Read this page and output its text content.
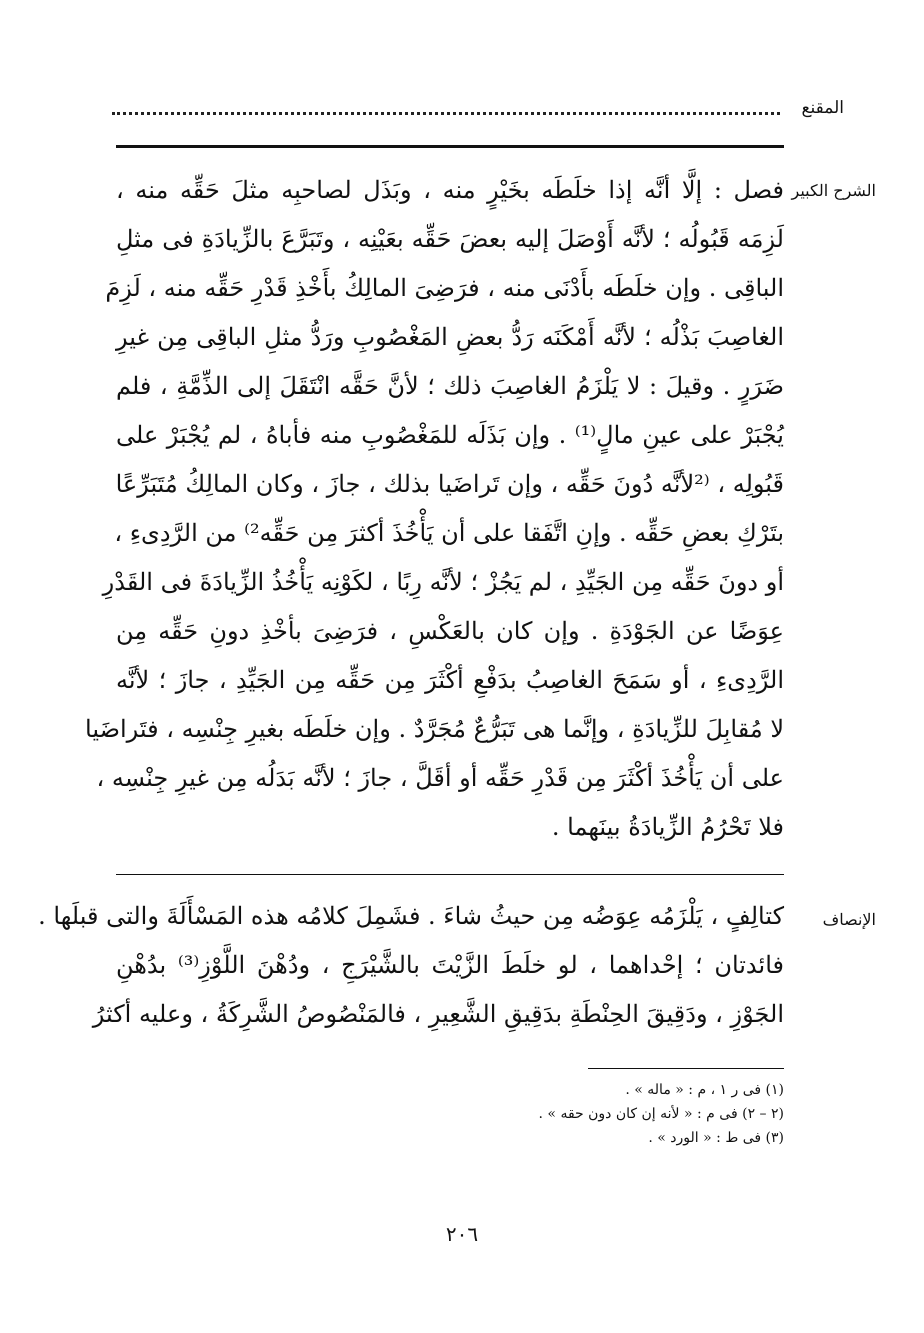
المقنع
الشرح الكبير
فصل : إلَّا أنَّه إذا خلَطَه بخَيْرٍ منه ، وبَذَل لصاحبِه مثلَ حَقِّه منه ،
لَزِمَه قَبُولُه ؛ لأنَّه أَوْصَلَ إليه بعضَ حَقِّه بعَيْنِه ، وتَبَرَّعَ بالزِّيادَةِ فى مثلِ
الباقِى . وإن خلَطَه بأَدْنَى منه ، فرَضِىَ المالِكُ بأَخْذِ قَدْرِ حَقِّه منه ، لَزِمَ
الغاصِبَ بَذْلُه ؛ لأنَّه أَمْكَنَه رَدُّ بعضِ المَغْصُوبِ ورَدُّ مثلِ الباقِى مِن غيرِ
ضَرَرٍ . وقيلَ : لا يَلْزَمُ الغاصِبَ ذلك ؛ لأنَّ حَقَّه انْتَقَلَ إلى الذِّمَّةِ ، فلم
يُجْبَرْ على عينِ مالٍ⁽¹⁾ . وإن بَذَلَه للمَغْصُوبِ منه فأباهُ ، لم يُجْبَرْ على
قَبُولِه ، ⁽²لأنَّه دُونَ حَقِّه ، وإن تَراضَيا بذلك ، جازَ ، وكان المالِكُ مُتَبَرِّعًا
بتَرْكِ بعضِ حَقِّه . وإنِ اتَّفَقا على أن يَأْخُذَ أكثرَ مِن حَقِّه²⁾ من الرَّدِىءِ ،
أو دونَ حَقِّه مِن الجَيِّدِ ، لم يَجُزْ ؛ لأنَّه رِبًا ، لكَوْنِه يَأْخُذُ الزِّيادَةَ فى القَدْرِ
عِوَضًا عن الجَوْدَةِ . وإن كان بالعَكْسِ ، فرَضِىَ بأخْذِ دونِ حَقِّه مِن
الرَّدِىءِ ، أو سَمَحَ الغاصِبُ بدَفْعِ أكْثَرَ مِن حَقِّه مِن الجَيِّدِ ، جازَ ؛ لأنَّه
لا مُقابِلَ للزِّيادَةِ ، وإنَّما هى تَبَرُّعٌ مُجَرَّدٌ . وإن خلَطَه بغيرِ جِنْسِه ، فتَراضَيا
على أن يَأْخُذَ أكْثَرَ مِن قَدْرِ حَقِّه أو أقَلَّ ، جازَ ؛ لأنَّه بَدَلُه مِن غيرِ جِنْسِه ،
فلا تَحْرُمُ الزِّيادَةُ بينَهما .
الإنصاف
كتالِفٍ ، يَلْزَمُه عِوَضُه مِن حيثُ شاءَ . فشَمِلَ كلامُه هذه المَسْأَلَةَ والتى قبلَها .
فائدتان ؛ إحْداهما ، لو خلَطَ الزَّيْتَ بالشَّيْرَجِ ، ودُهْنَ اللَّوْزِ⁽³⁾ بدُهْنِ
الجَوْزِ ، ودَقِيقَ الحِنْطَةِ بدَقِيقِ الشَّعِيرِ ، فالمَنْصُوصُ الشَّرِكَةُ ، وعليه أكثرُ
(١) فى ر ١ ، م : « ماله » .
(٢ – ٢) فى م : « لأنه إن كان دون حقه » .
(٣) فى ط : « الورد » .
٢٠٦
